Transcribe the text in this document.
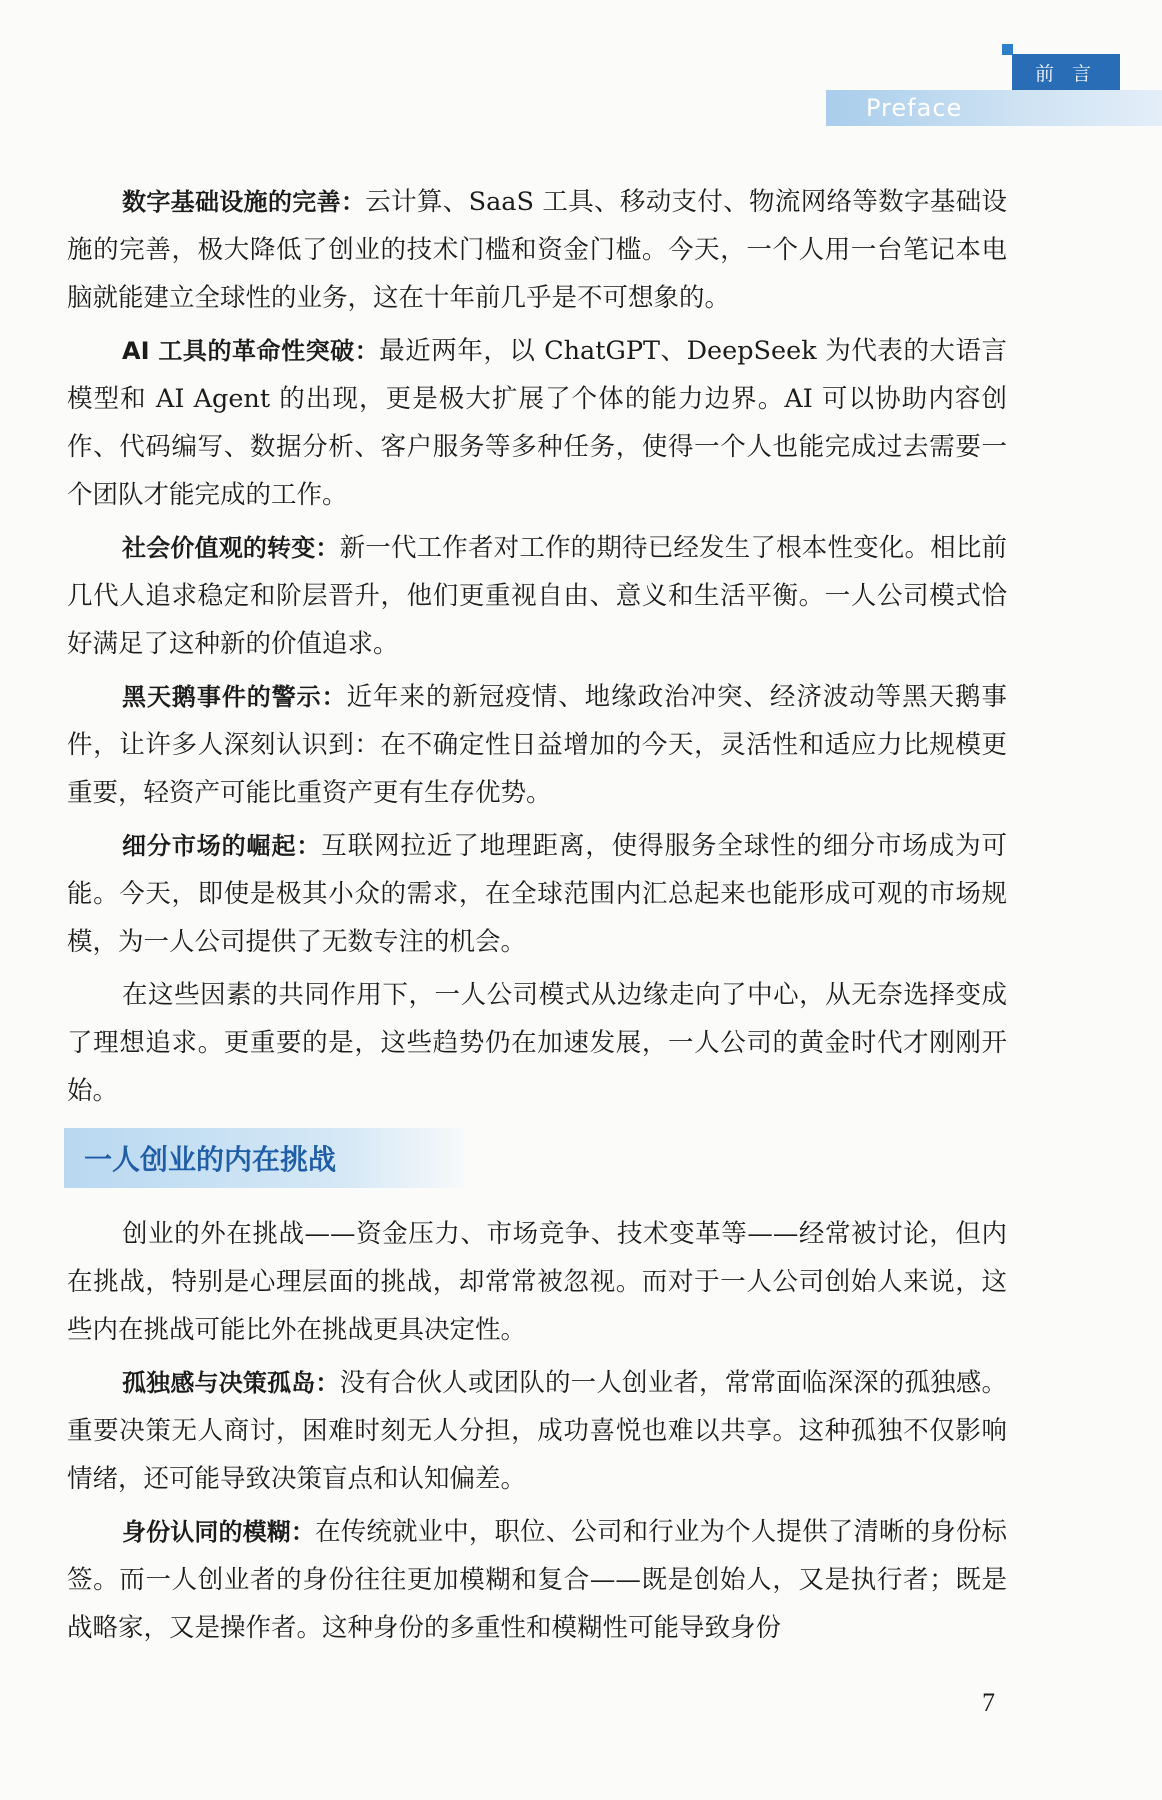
前 言
Preface

数字基础设施的完善：云计算、SaaS 工具、移动支付、物流网络等数字基础设施的完善，极大降低了创业的技术门槛和资金门槛。今天，一个人用一台笔记本电脑就能建立全球性的业务，这在十年前几乎是不可想象的。

AI 工具的革命性突破：最近两年，以 ChatGPT、DeepSeek 为代表的大语言模型和 AI Agent 的出现，更是极大扩展了个体的能力边界。AI 可以协助内容创作、代码编写、数据分析、客户服务等多种任务，使得一个人也能完成过去需要一个团队才能完成的工作。

社会价值观的转变：新一代工作者对工作的期待已经发生了根本性变化。相比前几代人追求稳定和阶层晋升，他们更重视自由、意义和生活平衡。一人公司模式恰好满足了这种新的价值追求。

黑天鹅事件的警示：近年来的新冠疫情、地缘政治冲突、经济波动等黑天鹅事件，让许多人深刻认识到：在不确定性日益增加的今天，灵活性和适应力比规模更重要，轻资产可能比重资产更有生存优势。

细分市场的崛起：互联网拉近了地理距离，使得服务全球性的细分市场成为可能。今天，即使是极其小众的需求，在全球范围内汇总起来也能形成可观的市场规模，为一人公司提供了无数专注的机会。

在这些因素的共同作用下，一人公司模式从边缘走向了中心，从无奈选择变成了理想追求。更重要的是，这些趋势仍在加速发展，一人公司的黄金时代才刚刚开始。

一人创业的内在挑战

创业的外在挑战——资金压力、市场竞争、技术变革等——经常被讨论，但内在挑战，特别是心理层面的挑战，却常常被忽视。而对于一人公司创始人来说，这些内在挑战可能比外在挑战更具决定性。

孤独感与决策孤岛：没有合伙人或团队的一人创业者，常常面临深深的孤独感。重要决策无人商讨，困难时刻无人分担，成功喜悦也难以共享。这种孤独不仅影响情绪，还可能导致决策盲点和认知偏差。

身份认同的模糊：在传统就业中，职位、公司和行业为个人提供了清晰的身份标签。而一人创业者的身份往往更加模糊和复合——既是创始人，又是执行者；既是战略家，又是操作者。这种身份的多重性和模糊性可能导致身份

7
